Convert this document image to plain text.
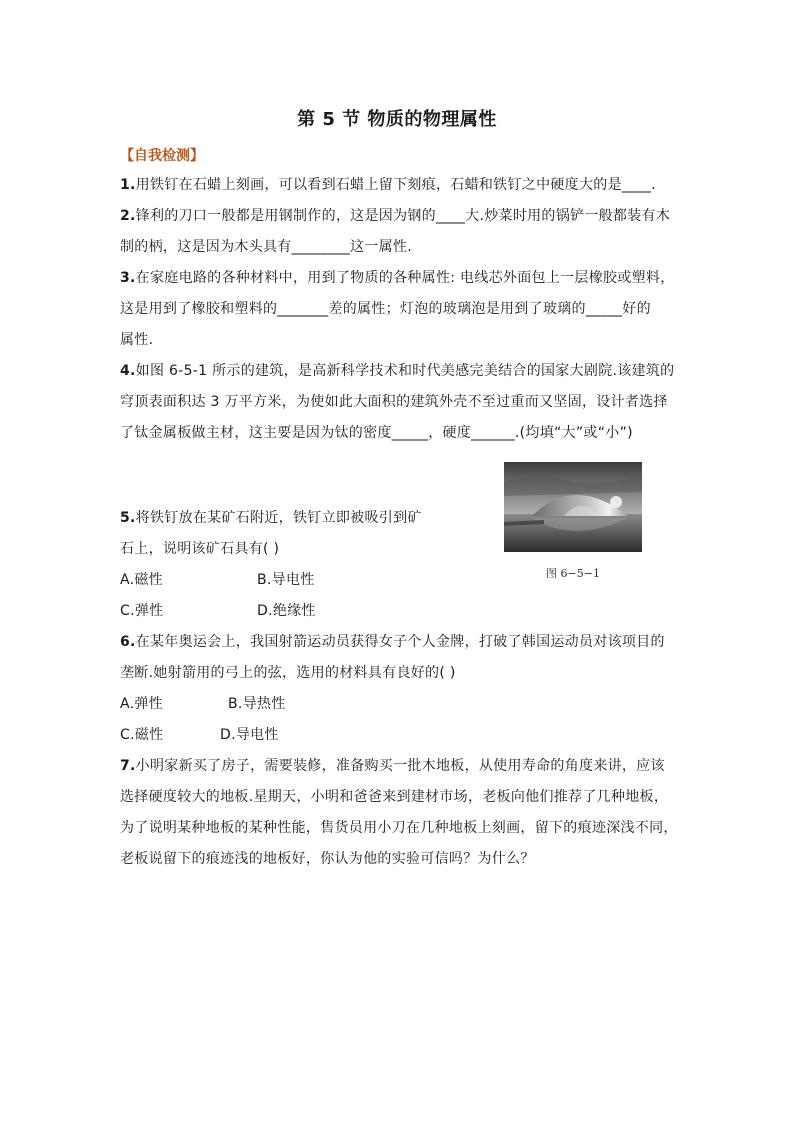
第 5 节 物质的物理属性
【自我检测】
1.用铁钉在石蜡上刻画，可以看到石蜡上留下刻痕，石蜡和铁钉之中硬度大的是____.
2.锋利的刀口一般都是用钢制作的，这是因为钢的____大.炒菜时用的锅铲一般都装有木
制的柄，这是因为木头具有________这一属性.
3.在家庭电路的各种材料中，用到了物质的各种属性: 电线芯外面包上一层橡胶或塑料，
这是用到了橡胶和塑料的_______差的属性；灯泡的玻璃泡是用到了玻璃的_____好的
属性.
4.如图 6-5-1 所示的建筑，是高新科学技术和时代美感完美结合的国家大剧院.该建筑的
穹顶表面积达 3 万平方米，为使如此大面积的建筑外壳不至过重而又坚固，设计者选择
了钛金属板做主材，这主要是因为钛的密度_____，硬度______.(均填“大”或“小”)
图 6−5−1
5.将铁钉放在某矿石附近，铁钉立即被吸引到矿
石上，说明该矿石具有( )
A.磁性	B.导电性
C.弹性	D.绝缘性
6.在某年奥运会上，我国射箭运动员获得女子个人金牌，打破了韩国运动员对该项目的
垄断.她射箭用的弓上的弦，选用的材料具有良好的( )
A.弹性	B.导热性
C.磁性	D.导电性
7.小明家新买了房子，需要装修，准备购买一批木地板，从使用寿命的角度来讲，应该
选择硬度较大的地板.星期天，小明和爸爸来到建材市场，老板向他们推荐了几种地板，
为了说明某种地板的某种性能，售货员用小刀在几种地板上刻画，留下的痕迹深浅不同，
老板说留下的痕迹浅的地板好，你认为他的实验可信吗？为什么？
